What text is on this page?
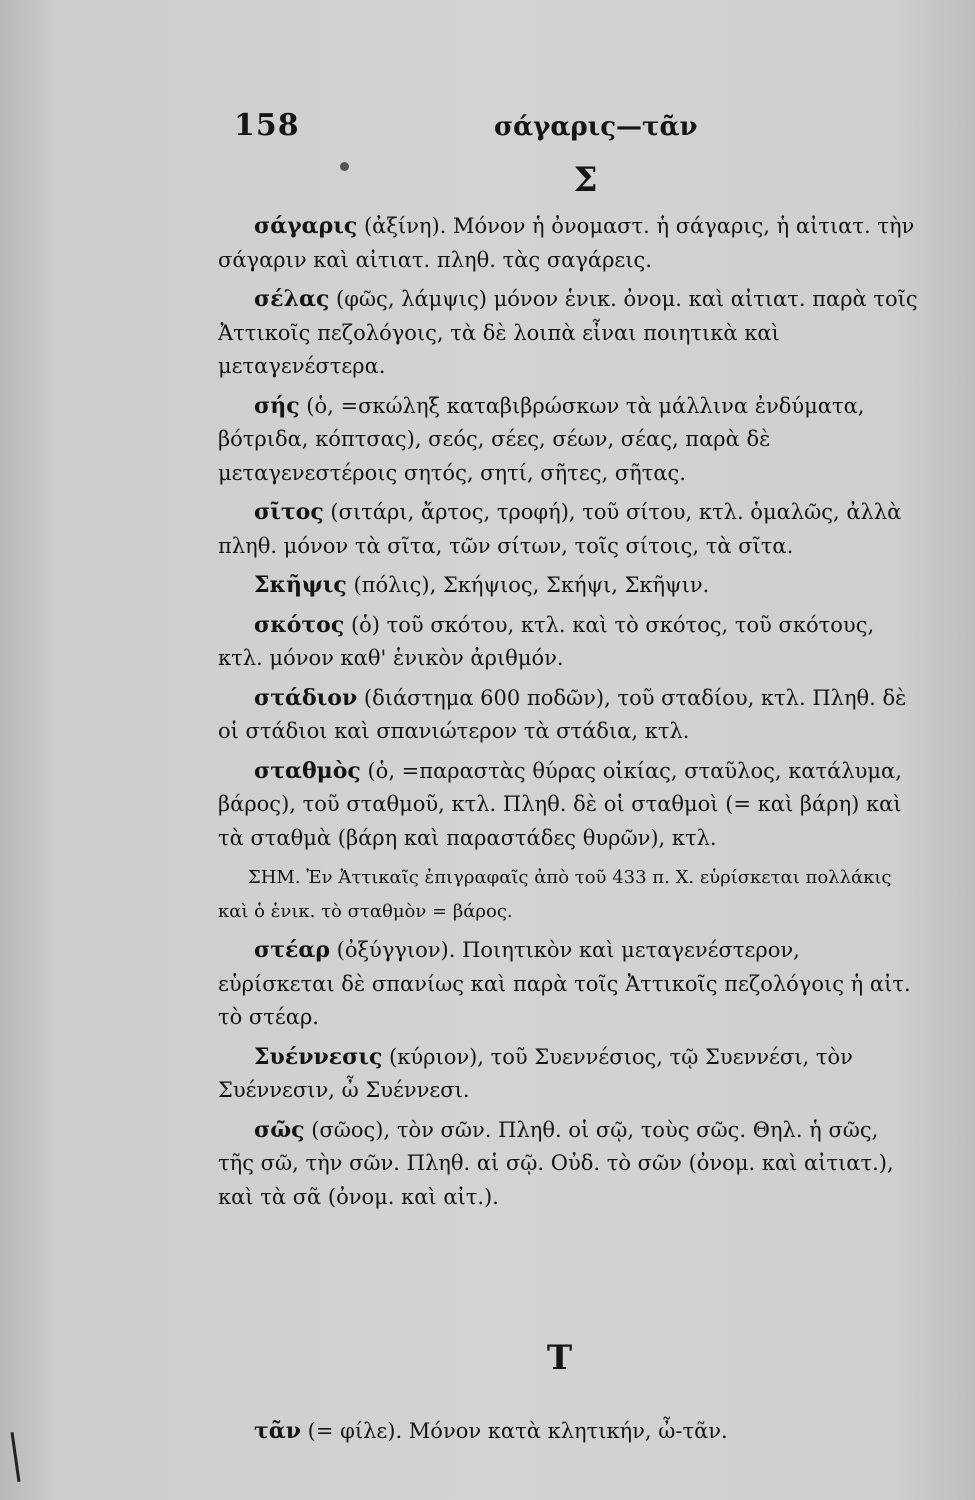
158	σάγαρις—τᾶν
Σ

σάγαρις (ἀξίνη). Μόνον ἡ ὀνομαστ. ἡ σάγαρις, ἡ αἰτιατ. τὴν σάγαριν καὶ αἰτιατ. πληθ. τὰς σαγάρεις.

σέλας (φῶς, λάμψις) μόνον ἑνικ. ὀνομ. καὶ αἰτιατ. παρὰ τοῖς Ἀττικοῖς πεζολόγοις, τὰ δὲ λοιπὰ εἶναι ποιητικὰ καὶ μεταγενέστερα.

σής (ὁ, =σκώληξ καταβιβρώσκων τὰ μάλλινα ἐνδύματα, βότριδα, κόπτσας), σεός, σέες, σέων, σέας, παρὰ δὲ μεταγενεστέροις σητός, σητί, σῆτες, σῆτας.

σῖτος (σιτάρι, ἄρτος, τροφή), τοῦ σίτου, κτλ. ὁμαλῶς, ἀλλὰ πληθ. μόνον τὰ σῖτα, τῶν σίτων, τοῖς σίτοις, τὰ σῖτα.

Σκῆψις (πόλις), Σκήψιος, Σκήψι, Σκῆψιν.

σκότος (ὁ) τοῦ σκότου, κτλ. καὶ τὸ σκότος, τοῦ σκότους, κτλ. μόνον καθ' ἑνικὸν ἀριθμόν.

στάδιον (διάστημα 600 ποδῶν), τοῦ σταδίου, κτλ. Πληθ. δὲ οἱ στάδιοι καὶ σπανιώτερον τὰ στάδια, κτλ.

σταθμὸς (ὁ, =παραστὰς θύρας οἰκίας, σταῦλος, κατάλυμα, βάρος), τοῦ σταθμοῦ, κτλ. Πληθ. δὲ οἱ σταθμοὶ (= καὶ βάρη) καὶ τὰ σταθμὰ (βάρη καὶ παραστάδες θυρῶν), κτλ.

ΣΗΜ. Ἐν Ἀττικαῖς ἐπιγραφαῖς ἀπὸ τοῦ 433 π. Χ. εὑρίσκεται πολλάκις καὶ ὁ ἑνικ. τὸ σταθμὸν = βάρος.

στέαρ (ὀξύγγιον). Ποιητικὸν καὶ μεταγενέστερον, εὑρίσκεται δὲ σπανίως καὶ παρὰ τοῖς Ἀττικοῖς πεζολόγοις ἡ αἰτ. τὸ στέαρ.

Συέννεσις (κύριον), τοῦ Συεννέσιος, τῷ Συεννέσι, τὸν Συέννεσιν, ὦ Συέννεσι.

σῶς (σῶος), τὸν σῶν. Πληθ. οἱ σῷ, τοὺς σῶς. Θηλ. ἡ σῶς, τῆς σῶ, τὴν σῶν. Πληθ. αἱ σῷ. Οὐδ. τὸ σῶν (ὀνομ. καὶ αἰτιατ.), καὶ τὰ σᾶ (ὀνομ. καὶ αἰτ.).

Τ

τᾶν (= φίλε). Μόνον κατὰ κλητικήν, ὦ-τᾶν.
